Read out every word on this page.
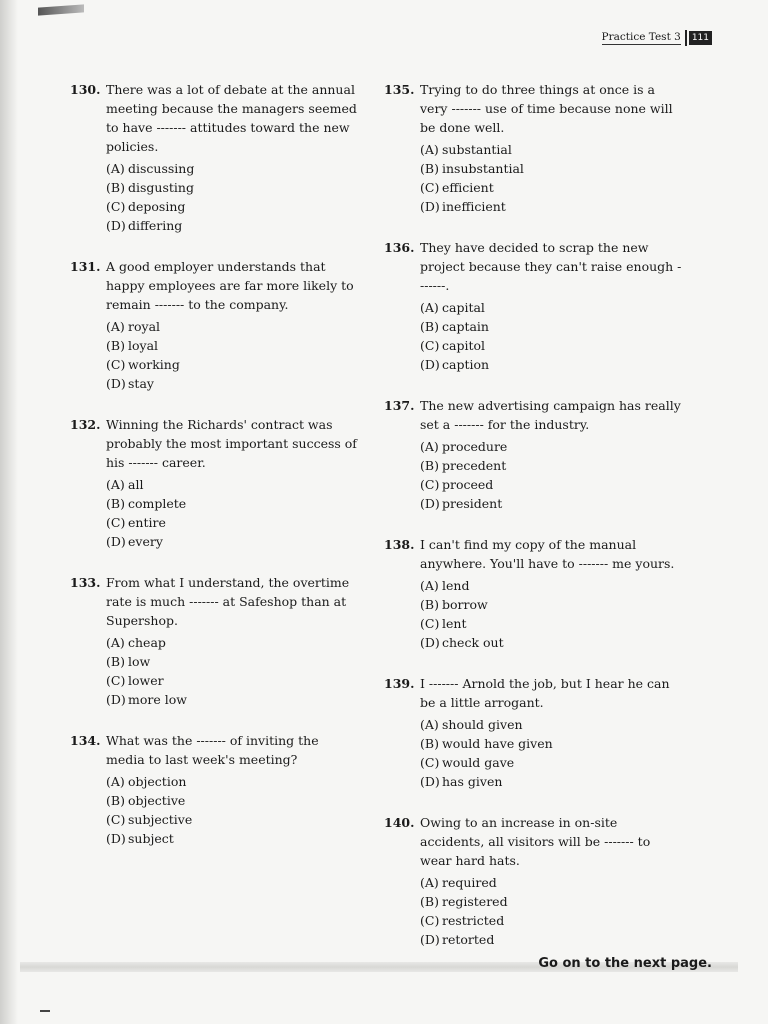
Practice Test 3	111
130. There was a lot of debate at the annual meeting because the managers seemed to have ------- attitudes toward the new policies.
(A) discussing
(B) disgusting
(C) deposing
(D) differing
131. A good employer understands that happy employees are far more likely to remain ------- to the company.
(A) royal
(B) loyal
(C) working
(D) stay
132. Winning the Richards' contract was probably the most important success of his ------- career.
(A) all
(B) complete
(C) entire
(D) every
133. From what I understand, the overtime rate is much ------- at Safeshop than at Supershop.
(A) cheap
(B) low
(C) lower
(D) more low
134. What was the ------- of inviting the media to last week's meeting?
(A) objection
(B) objective
(C) subjective
(D) subject
135. Trying to do three things at once is a very ------- use of time because none will be done well.
(A) substantial
(B) insubstantial
(C) efficient
(D) inefficient
136. They have decided to scrap the new project because they can't raise enough -------.
(A) capital
(B) captain
(C) capitol
(D) caption
137. The new advertising campaign has really set a ------- for the industry.
(A) procedure
(B) precedent
(C) proceed
(D) president
138. I can't find my copy of the manual anywhere. You'll have to ------- me yours.
(A) lend
(B) borrow
(C) lent
(D) check out
139. I ------- Arnold the job, but I hear he can be a little arrogant.
(A) should given
(B) would have given
(C) would gave
(D) has given
140. Owing to an increase in on-site accidents, all visitors will be ------- to wear hard hats.
(A) required
(B) registered
(C) restricted
(D) retorted
Go on to the next page.
